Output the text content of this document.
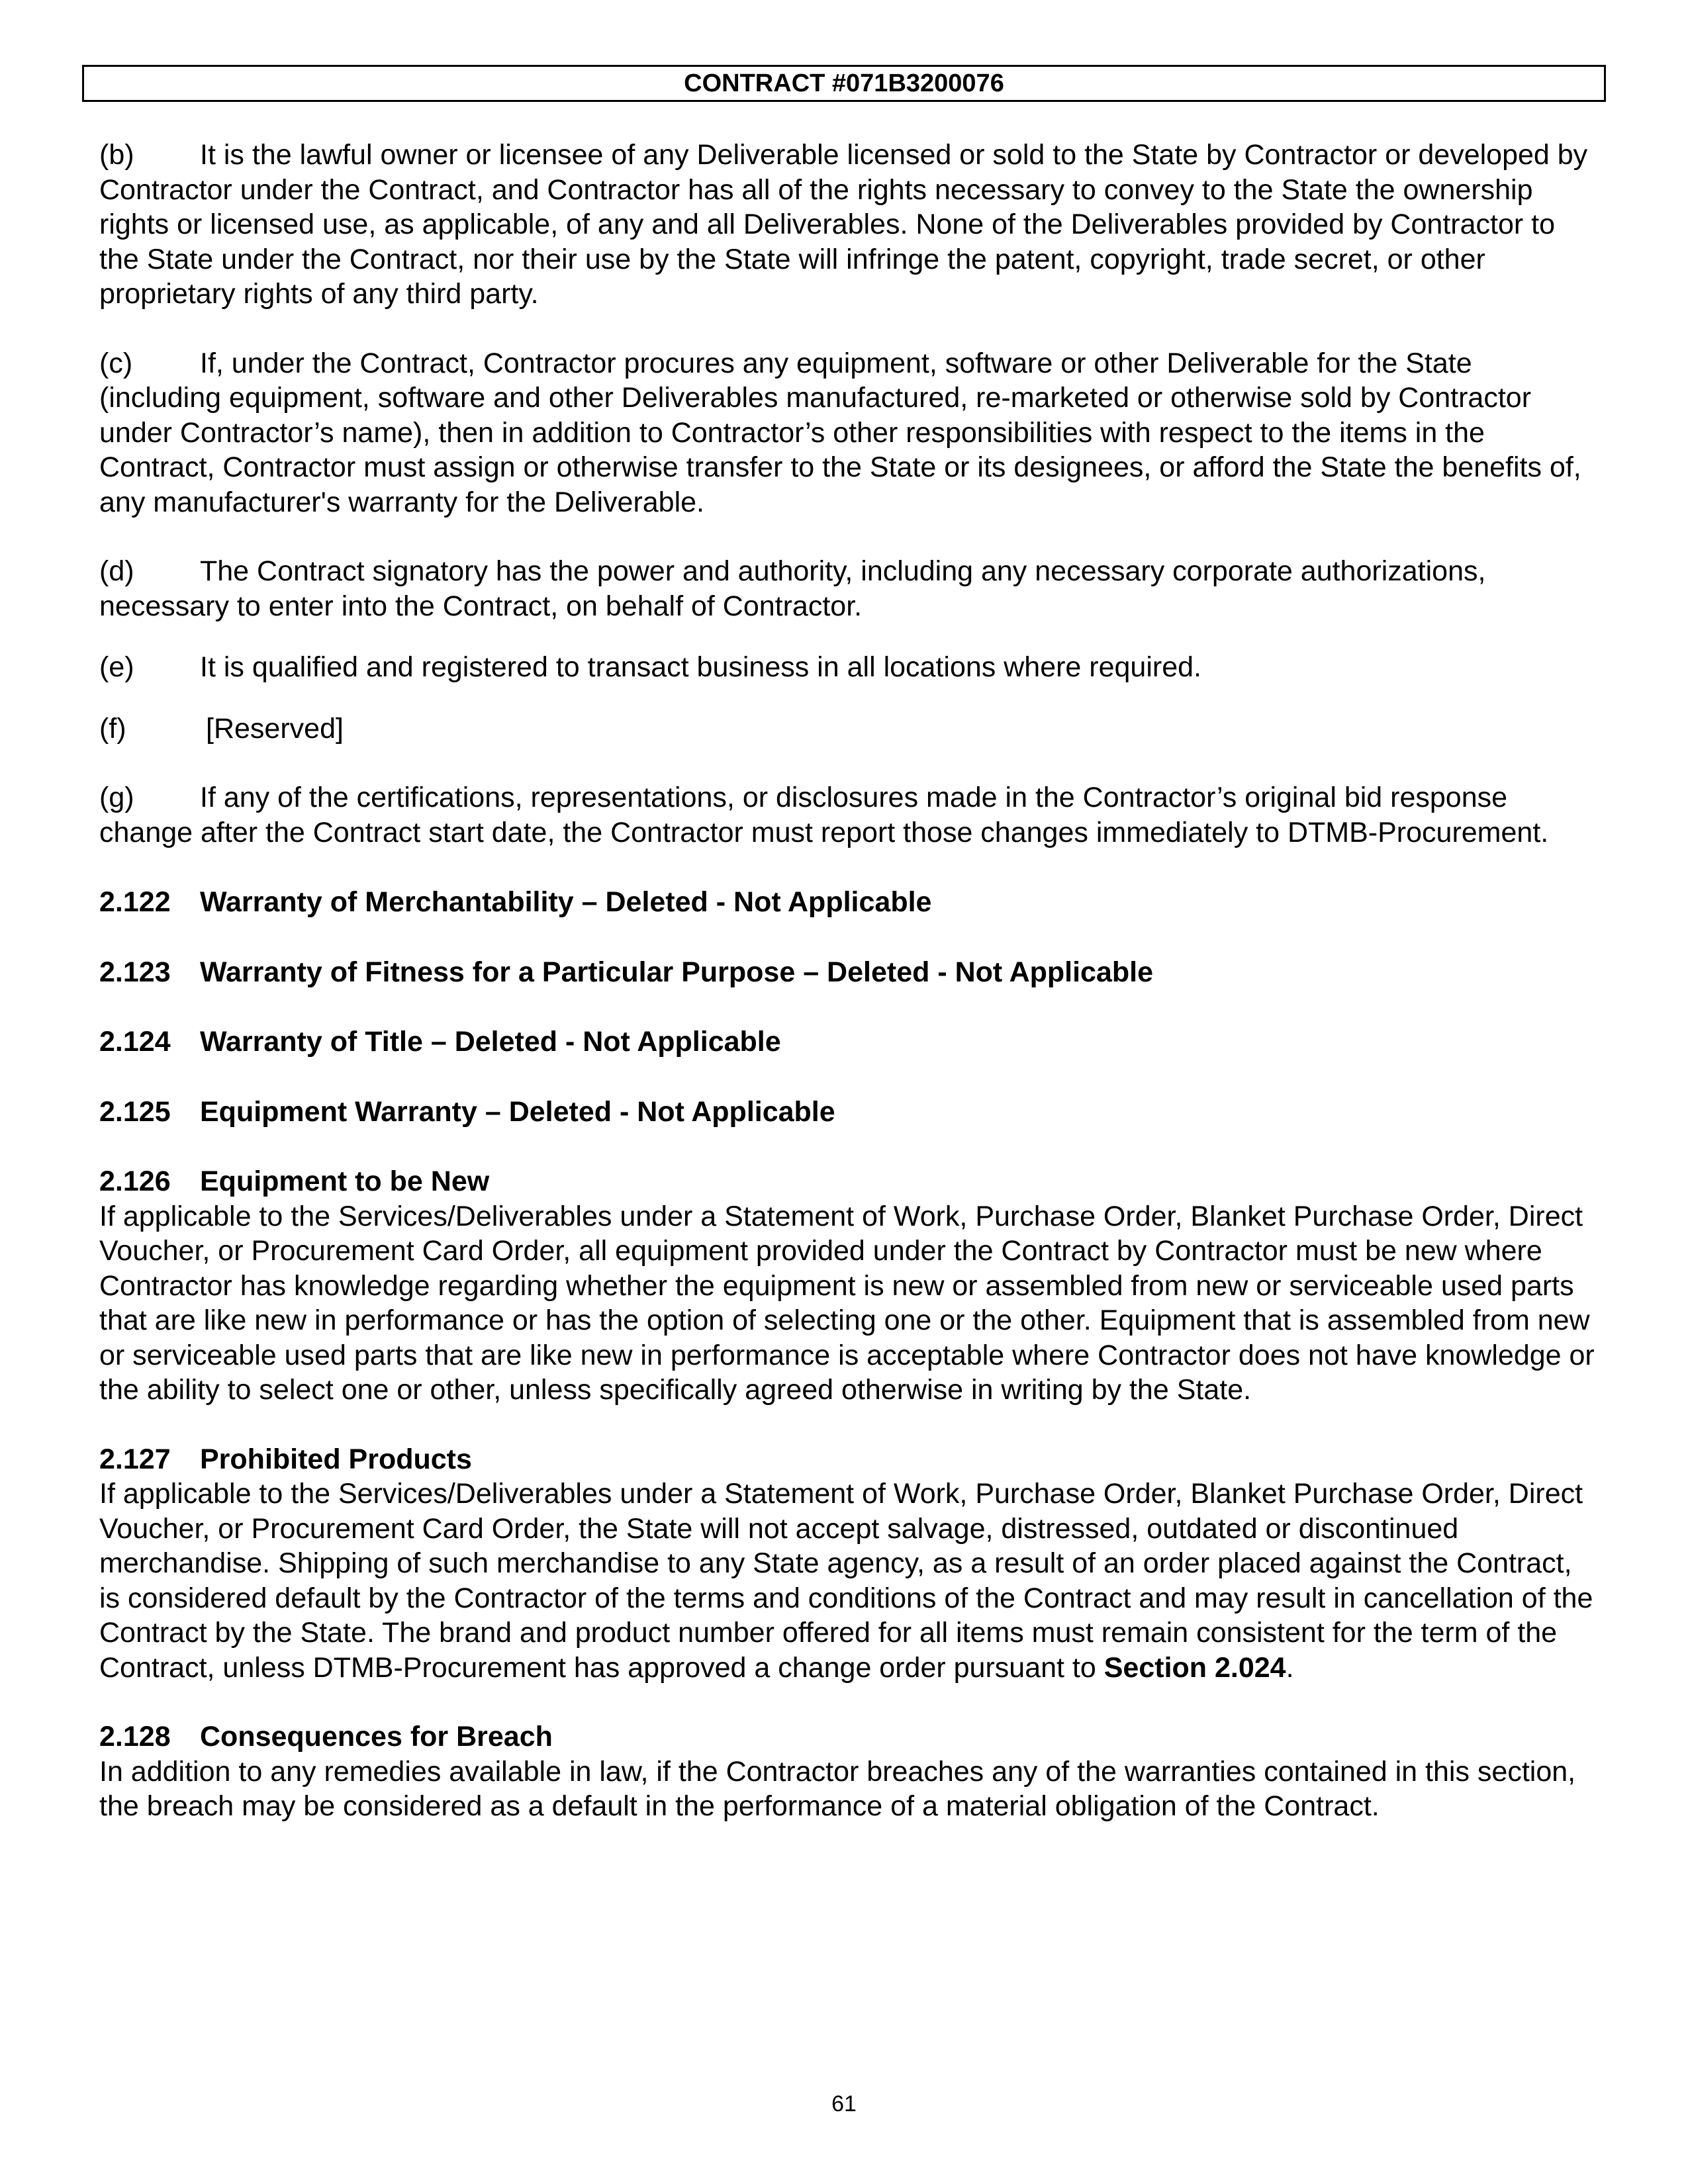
CONTRACT #071B3200076

(b) It is the lawful owner or licensee of any Deliverable licensed or sold to the State by Contractor or developed by Contractor under the Contract, and Contractor has all of the rights necessary to convey to the State the ownership rights or licensed use, as applicable, of any and all Deliverables. None of the Deliverables provided by Contractor to the State under the Contract, nor their use by the State will infringe the patent, copyright, trade secret, or other proprietary rights of any third party.

(c) If, under the Contract, Contractor procures any equipment, software or other Deliverable for the State (including equipment, software and other Deliverables manufactured, re-marketed or otherwise sold by Contractor under Contractor’s name), then in addition to Contractor’s other responsibilities with respect to the items in the Contract, Contractor must assign or otherwise transfer to the State or its designees, or afford the State the benefits of, any manufacturer's warranty for the Deliverable.

(d) The Contract signatory has the power and authority, including any necessary corporate authorizations, necessary to enter into the Contract, on behalf of Contractor.

(e) It is qualified and registered to transact business in all locations where required.

(f)	[Reserved]

(g) If any of the certifications, representations, or disclosures made in the Contractor’s original bid response change after the Contract start date, the Contractor must report those changes immediately to DTMB-Procurement.

2.122 Warranty of Merchantability – Deleted - Not Applicable

2.123 Warranty of Fitness for a Particular Purpose – Deleted - Not Applicable

2.124 Warranty of Title – Deleted - Not Applicable

2.125 Equipment Warranty – Deleted - Not Applicable

2.126 Equipment to be New

If applicable to the Services/Deliverables under a Statement of Work, Purchase Order, Blanket Purchase Order, Direct Voucher, or Procurement Card Order, all equipment provided under the Contract by Contractor must be new where Contractor has knowledge regarding whether the equipment is new or assembled from new or serviceable used parts that are like new in performance or has the option of selecting one or the other. Equipment that is assembled from new or serviceable used parts that are like new in performance is acceptable where Contractor does not have knowledge or the ability to select one or other, unless specifically agreed otherwise in writing by the State.

2.127 Prohibited Products

If applicable to the Services/Deliverables under a Statement of Work, Purchase Order, Blanket Purchase Order, Direct Voucher, or Procurement Card Order, the State will not accept salvage, distressed, outdated or discontinued merchandise. Shipping of such merchandise to any State agency, as a result of an order placed against the Contract, is considered default by the Contractor of the terms and conditions of the Contract and may result in cancellation of the Contract by the State. The brand and product number offered for all items must remain consistent for the term of the Contract, unless DTMB-Procurement has approved a change order pursuant to Section 2.024.

2.128 Consequences for Breach

In addition to any remedies available in law, if the Contractor breaches any of the warranties contained in this section, the breach may be considered as a default in the performance of a material obligation of the Contract.

61
